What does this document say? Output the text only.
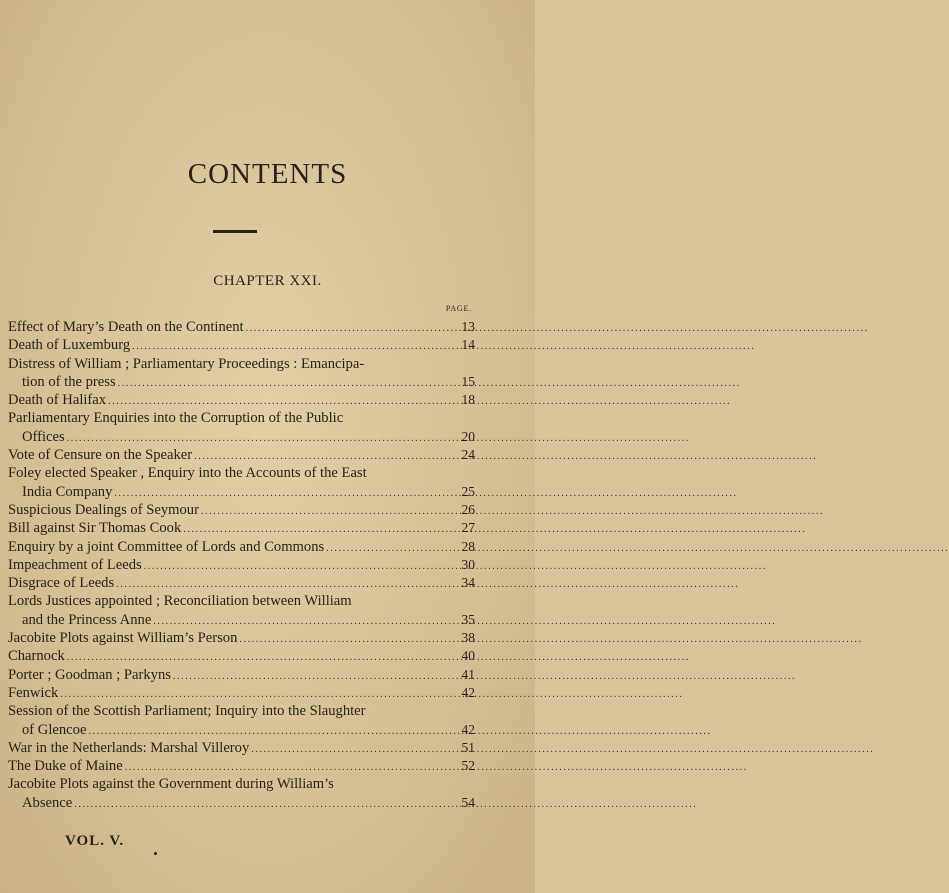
CONTENTS
CHAPTER XXI.
PAGE.
Effect of Mary’s Death on the Continent .....	13
Death of Luxemburg .....	14
Distress of William ; Parliamentary Proceedings : Emancipa-
tion of the press .....	15
Death of Halifax .....	18
Parliamentary Enquiries into the Corruption of the Public
Offices .....	20
Vote of Censure on the Speaker .....	24
Foley elected Speaker , Enquiry into the Accounts of the East
India Company .....	25
Suspicious Dealings of Seymour .....	26
Bill against Sir Thomas Cook .....	27
Enquiry by a joint Committee of Lords and Commons .....	28
Impeachment of Leeds .....	30
Disgrace of Leeds .....	34
Lords Justices appointed ; Reconciliation between William
and the Princess Anne .....	35
Jacobite Plots against William’s Person .....	38
Charnock .....	40
Porter ; Goodman ; Parkyns .....	41
Fenwick .....	42
Session of the Scottish Parliament; Inquiry into the Slaughter
of Glencoe .....	42
War in the Netherlands: Marshal Villeroy .....	51
The Duke of Maine .....	52
Jacobite Plots against the Government during William’s
Absence .....	54
VOL. V.
